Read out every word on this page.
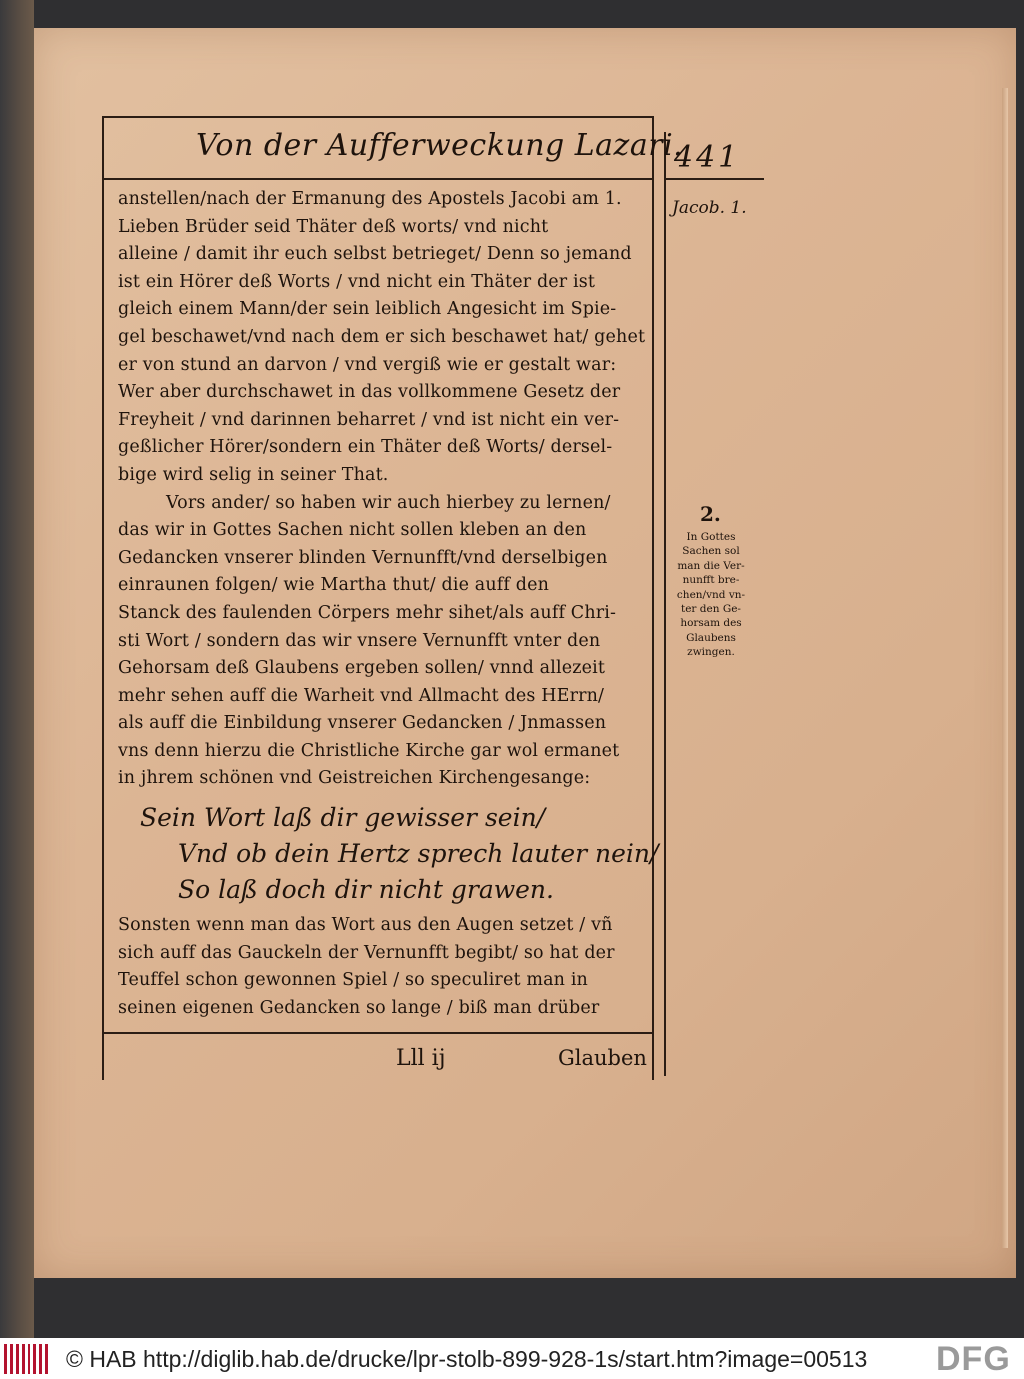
Von der Aufferweckung Lazari.
441
anstellen/nach der Ermanung des Apostels Jacobi am 1.
Lieben Brüder seid Thäter deß worts/ vnd nicht
alleine / damit ihr euch selbst betrieget/ Denn so jemand
ist ein Hörer deß Worts / vnd nicht ein Thäter der ist
gleich einem Mann/der sein leiblich Angesicht im Spie-
gel beschawet/vnd nach dem er sich beschawet hat/ gehet
er von stund an darvon / vnd vergiß wie er gestalt war:
Wer aber durchschawet in das vollkommene Gesetz der
Freyheit / vnd darinnen beharret / vnd ist nicht ein ver-
geßlicher Hörer/sondern ein Thäter deß Worts/ dersel-
bige wird selig in seiner That.
Vors ander/ so haben wir auch hierbey zu lernen/
das wir in Gottes Sachen nicht sollen kleben an den
Gedancken vnserer blinden Vernunfft/vnd derselbigen
einraunen folgen/ wie Martha thut/ die auff den
Stanck des faulenden Cörpers mehr sihet/als auff Chri-
sti Wort / sondern das wir vnsere Vernunfft vnter den
Gehorsam deß Glaubens ergeben sollen/ vnnd allezeit
mehr sehen auff die Warheit vnd Allmacht des HErrn/
als auff die Einbildung vnserer Gedancken / Jnmassen
vns denn hierzu die Christliche Kirche gar wol ermanet
in jhrem schönen vnd Geistreichen Kirchengesange:
Sein Wort laß dir gewisser sein/
Vnd ob dein Hertz sprech lauter nein/
So laß doch dir nicht grawen.
Sonsten wenn man das Wort aus den Augen setzet / vñ
sich auff das Gauckeln der Vernunfft begibt/ so hat der
Teuffel schon gewonnen Spiel / so speculiret man in
seinen eigenen Gedancken so lange / biß man drüber
Lll ij	Glauben
Jacob. 1.
2.
In Gottes
Sachen sol
man die Ver-
nunfft bre-
chen/vnd vn-
ter den Ge-
horsam des
Glaubens
zwingen.
© HAB http://diglib.hab.de/drucke/lpr-stolb-899-928-1s/start.htm?image=00513 DFG
